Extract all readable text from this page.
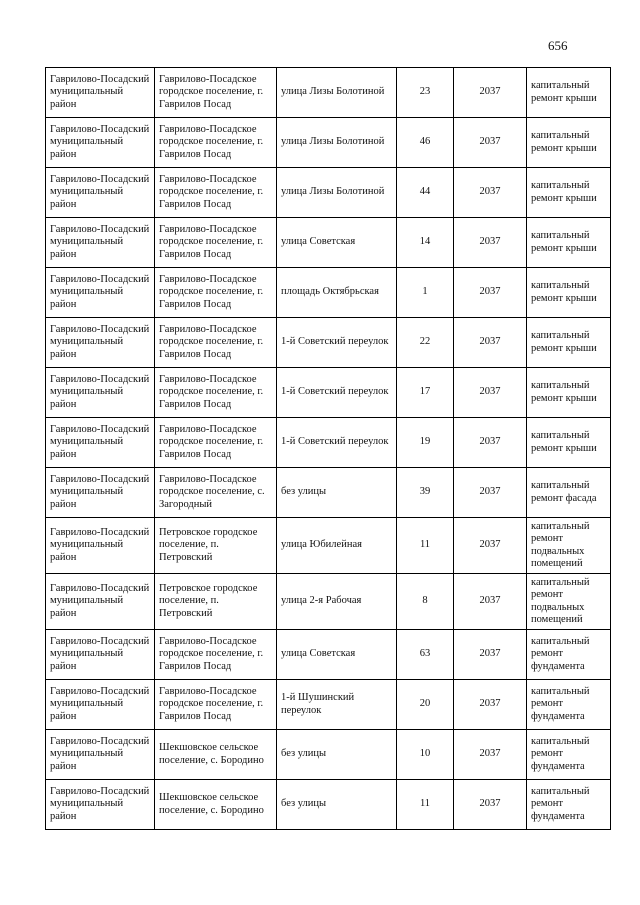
656
Гаврилово-Посадский муниципальный район	Гаврилово-Посадское городское поселение, г. Гаврилов Посад	улица Лизы Болотиной	23	2037	капитальный ремонт крыши
Гаврилово-Посадский муниципальный район	Гаврилово-Посадское городское поселение, г. Гаврилов Посад	улица Лизы Болотиной	46	2037	капитальный ремонт крыши
Гаврилово-Посадский муниципальный район	Гаврилово-Посадское городское поселение, г. Гаврилов Посад	улица Лизы Болотиной	44	2037	капитальный ремонт крыши
Гаврилово-Посадский муниципальный район	Гаврилово-Посадское городское поселение, г. Гаврилов Посад	улица Советская	14	2037	капитальный ремонт крыши
Гаврилово-Посадский муниципальный район	Гаврилово-Посадское городское поселение, г. Гаврилов Посад	площадь Октябрьская	1	2037	капитальный ремонт крыши
Гаврилово-Посадский муниципальный район	Гаврилово-Посадское городское поселение, г. Гаврилов Посад	1-й Советский переулок	22	2037	капитальный ремонт крыши
Гаврилово-Посадский муниципальный район	Гаврилово-Посадское городское поселение, г. Гаврилов Посад	1-й Советский переулок	17	2037	капитальный ремонт крыши
Гаврилово-Посадский муниципальный район	Гаврилово-Посадское городское поселение, г. Гаврилов Посад	1-й Советский переулок	19	2037	капитальный ремонт крыши
Гаврилово-Посадский муниципальный район	Гаврилово-Посадское городское поселение, с. Загородный	без улицы	39	2037	капитальный ремонт фасада
Гаврилово-Посадский муниципальный район	Петровское городское поселение, п. Петровский	улица Юбилейная	11	2037	капитальный ремонт подвальных помещений
Гаврилово-Посадский муниципальный район	Петровское городское поселение, п. Петровский	улица 2-я Рабочая	8	2037	капитальный ремонт подвальных помещений
Гаврилово-Посадский муниципальный район	Гаврилово-Посадское городское поселение, г. Гаврилов Посад	улица Советская	63	2037	капитальный ремонт фундамента
Гаврилово-Посадский муниципальный район	Гаврилово-Посадское городское поселение, г. Гаврилов Посад	1-й Шушинский переулок	20	2037	капитальный ремонт фундамента
Гаврилово-Посадский муниципальный район	Шекшовское сельское поселение, с. Бородино	без улицы	10	2037	капитальный ремонт фундамента
Гаврилово-Посадский муниципальный район	Шекшовское сельское поселение, с. Бородино	без улицы	11	2037	капитальный ремонт фундамента
